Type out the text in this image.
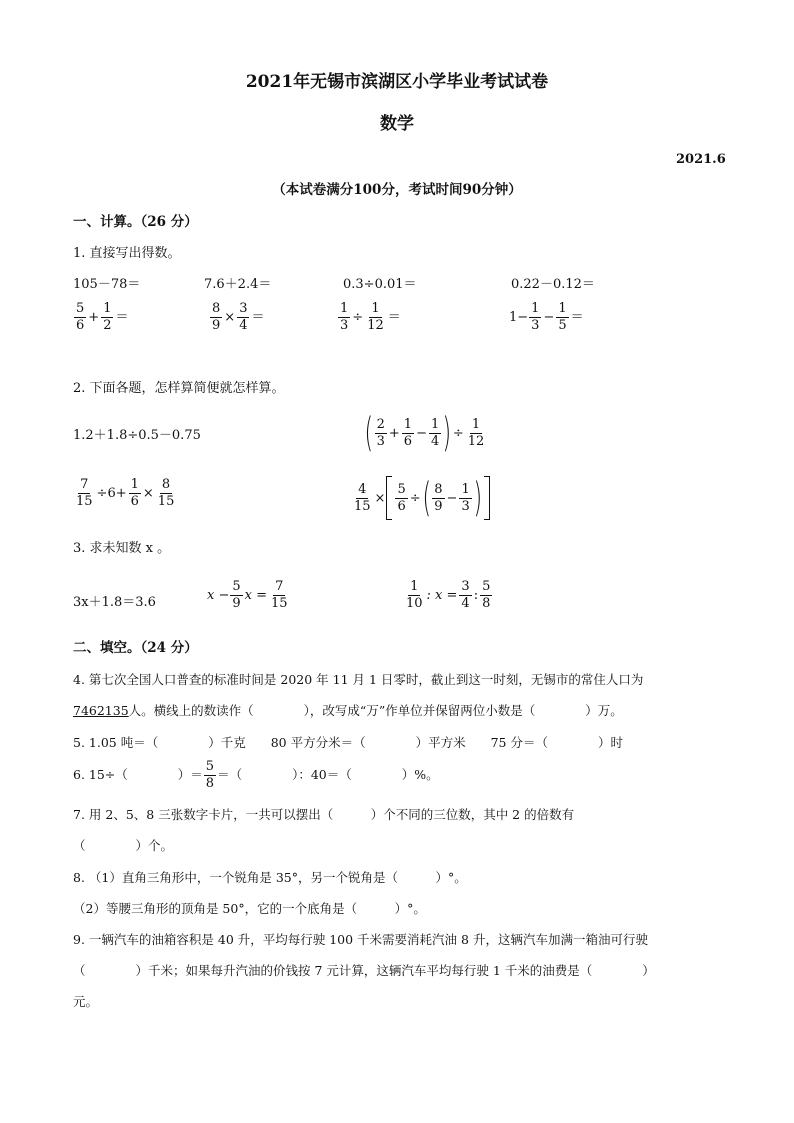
2021年无锡市滨湖区小学毕业考试试卷
数学
2021.6
（本试卷满分100分，考试时间90分钟）
一、计算。（26 分）
1. 直接写出得数。
105－78＝	7.6＋2.4＝	0.3÷0.01＝	0.22－0.12＝
$\frac{5}{6} + \frac{1}{2}$ ＝	$\frac{8}{9} \times \frac{3}{4}$ ＝	$\frac{1}{3} \div \frac{1}{12}$ ＝	$1- \frac{1}{3} - \frac{1}{5}$ ＝
2. 下面各题，怎样算简便就怎样算。
1.2＋1.8÷0.5－0.75	( $\frac{2}{3} + \frac{1}{6} - \frac{1}{4}$ ) ÷ $\frac{1}{12}$
$\frac{7}{15} \div 6+ \frac{1}{6} \times \frac{8}{15}$	$\frac{4}{15} \times \frac{5}{6}$ ÷ ( $\frac{8}{9} - \frac{1}{3}$ )
3. 求未知数 x 。
3x＋1.8＝3.6	$x - \frac{5}{9}$ $x = \frac{7}{15}$	$\frac{1}{10}$ : $x = \frac{3}{4}$ : $\frac{5}{8}$
二、填空。（24 分）
4. 第七次全国人口普查的标准时间是 2020 年 11 月 1 日零时，截止到这一时刻，无锡市的常住人口为
7462135人。横线上的数读作（　　　　），改写成“万”作单位并保留两位小数是（　　　　）万。
5. 1.05 吨＝（　　　　）千克　　80 平方分米＝（　　　　）平方米　　75 分＝（　　　　）时
6. 15÷（　　　　）＝ $\frac{5}{8}$ ＝（　　　　）：40＝（　　　　）%。
7. 用 2、5、8 三张数字卡片，一共可以摆出（　　　）个不同的三位数，其中 2 的倍数有
（　　　　）个。
8. （1）直角三角形中，一个锐角是 35°，另一个锐角是（　　　）°。
（2）等腰三角形的顶角是 50°，它的一个底角是（　　　）°。
9. 一辆汽车的油箱容积是 40 升，平均每行驶 100 千米需要消耗汽油 8 升，这辆汽车加满一箱油可行驶
（　　　　）千米；如果每升汽油的价钱按 7 元计算，这辆汽车平均每行驶 1 千米的油费是（　　　　）
元。
